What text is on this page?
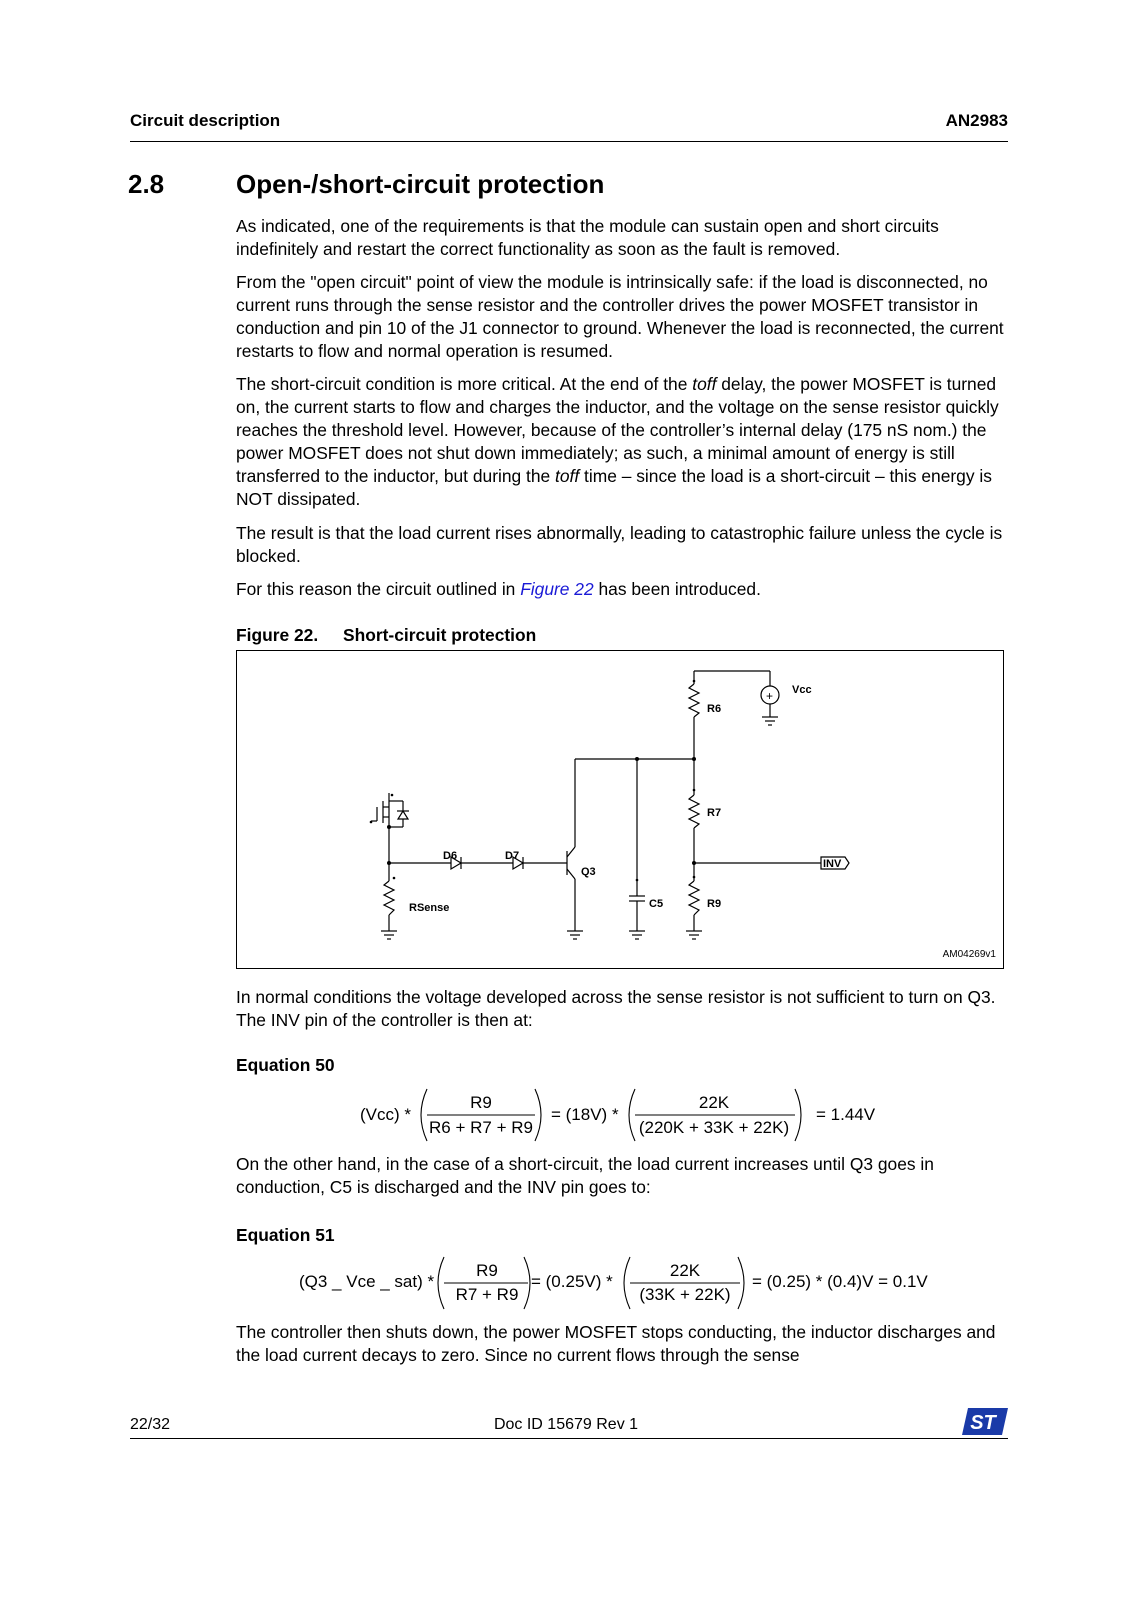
Circuit description	AN2983
2.8	Open-/short-circuit protection

As indicated, one of the requirements is that the module can sustain open and short circuits indefinitely and restart the correct functionality as soon as the fault is removed.

From the "open circuit" point of view the module is intrinsically safe: if the load is disconnected, no current runs through the sense resistor and the controller drives the power MOSFET transistor in conduction and pin 10 of the J1 connector to ground. Whenever the load is reconnected, the current restarts to flow and normal operation is resumed.

The short-circuit condition is more critical. At the end of the toff delay, the power MOSFET is turned on, the current starts to flow and charges the inductor, and the voltage on the sense resistor quickly reaches the threshold level. However, because of the controller’s internal delay (175 nS nom.) the power MOSFET does not shut down immediately; as such, a minimal amount of energy is still transferred to the inductor, but during the toff time – since the load is a short-circuit – this energy is NOT dissipated.

The result is that the load current rises abnormally, leading to catastrophic failure unless the cycle is blocked.

For this reason the circuit outlined in Figure 22 has been introduced.

Figure 22. Short-circuit protection
+ Vcc
R6
R7
R9
D6	D7
Q3
C5
INV
RSense
AM04269v1

In normal conditions the voltage developed across the sense resistor is not sufficient to turn on Q3. The INV pin of the controller is then at:

Equation 50
(Vcc) *
R9
R6 + R7 + R9
= (18V) *
22K
(220K + 33K + 22K)
= 1.44V

On the other hand, in the case of a short-circuit, the load current increases until Q3 goes in conduction, C5 is discharged and the INV pin goes to:

Equation 51
(Q3 _ Vce _ sat) *
R9
R7 + R9
= (0.25V) *
22K
(33K + 22K)
= (0.25) * (0.4)V = 0.1V

The controller then shuts down, the power MOSFET stops conducting, the inductor discharges and the load current decays to zero. Since no current flows through the sense

22/32	Doc ID 15679 Rev 1	ST
